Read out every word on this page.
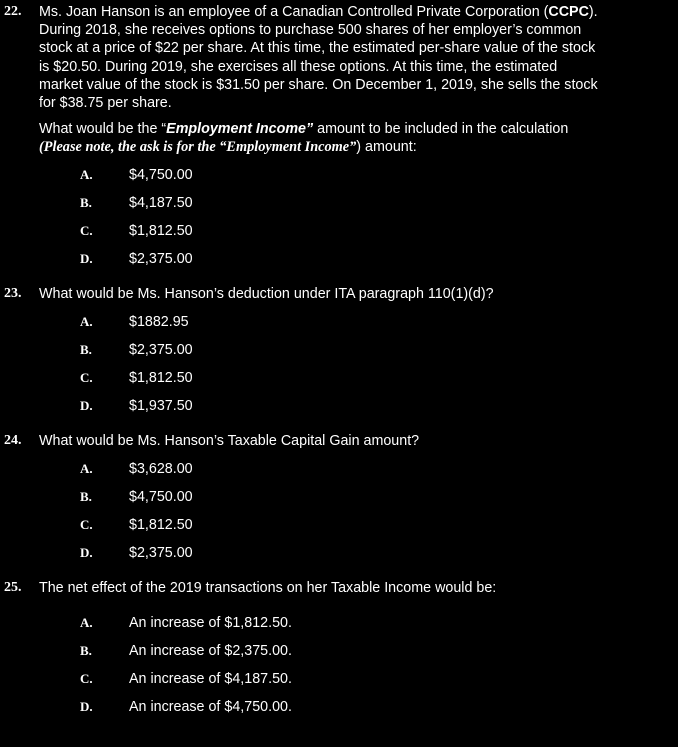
22. Ms. Joan Hanson is an employee of a Canadian Controlled Private Corporation (CCPC).
During 2018, she receives options to purchase 500 shares of her employer’s common
stock at a price of $22 per share. At this time, the estimated per-share value of the stock
is $20.50. During 2019, she exercises all these options. At this time, the estimated
market value of the stock is $31.50 per share. On December 1, 2019, she sells the stock
for $38.75 per share.
What would be the “Employment Income” amount to be included in the calculation
(Please note, the ask is for the “Employment Income”) amount:
A.	$4,750.00
B.	$4,187.50
C.	$1,812.50
D.	$2,375.00
23. What would be Ms. Hanson’s deduction under ITA paragraph 110(1)(d)?
A.	$1882.95
B.	$2,375.00
C.	$1,812.50
D.	$1,937.50
24. What would be Ms. Hanson’s Taxable Capital Gain amount?
A.	$3,628.00
B.	$4,750.00
C.	$1,812.50
D.	$2,375.00
25. The net effect of the 2019 transactions on her Taxable Income would be:
A.	An increase of $1,812.50.
B.	An increase of $2,375.00.
C.	An increase of $4,187.50.
D.	An increase of $4,750.00.
